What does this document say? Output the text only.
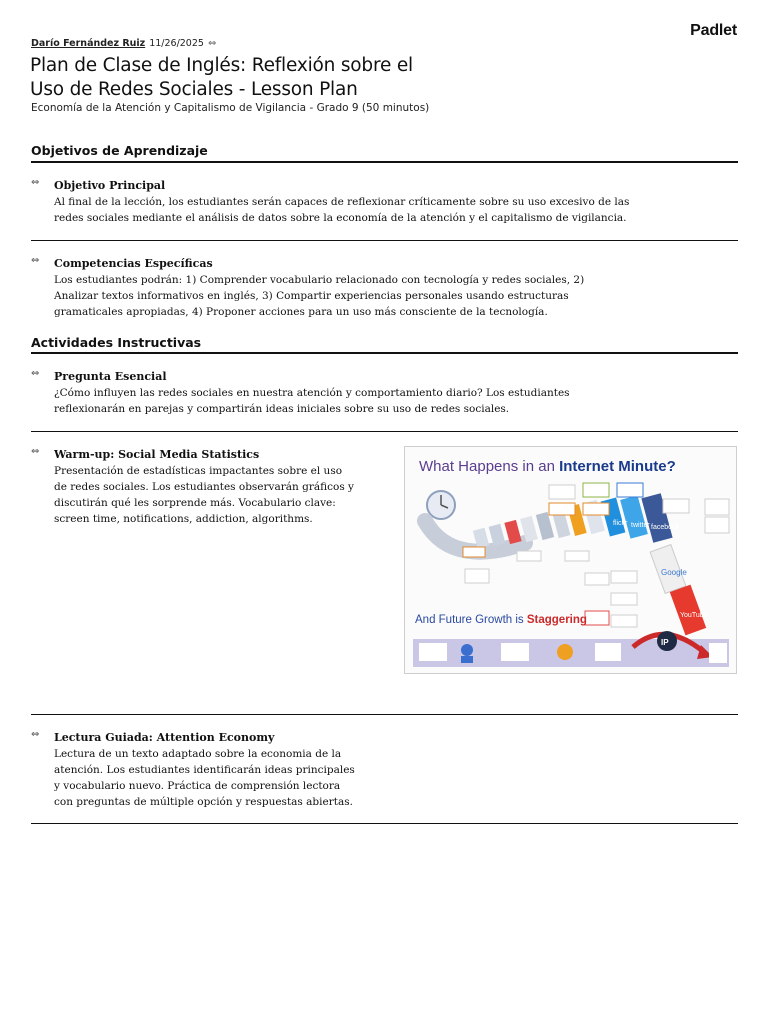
Padlet
Darío Fernández Ruiz 11/26/2025 ⇔
Plan de Clase de Inglés: Reflexión sobre el Uso de Redes Sociales - Lesson Plan
Economía de la Atención y Capitalismo de Vigilancia - Grado 9 (50 minutos)
Objetivos de Aprendizaje
⇔ Objetivo Principal

Al final de la lección, los estudiantes serán capaces de reflexionar críticamente sobre su uso excesivo de las redes sociales mediante el análisis de datos sobre la economía de la atención y el capitalismo de vigilancia.

⇔ Competencias Específicas

Los estudiantes podrán: 1) Comprender vocabulario relacionado con tecnología y redes sociales, 2) Analizar textos informativos en inglés, 3) Compartir experiencias personales usando estructuras gramaticales apropiadas, 4) Proponer acciones para un uso más consciente de la tecnología.

Actividades Instructivas
⇔ Pregunta Esencial

¿Cómo influyen las redes sociales en nuestra atención y comportamiento diario? Los estudiantes reflexionarán en parejas y compartirán ideas iniciales sobre su uso de redes sociales.

⇔ Warm-up: Social Media Statistics

Presentación de estadísticas impactantes sobre el uso de redes sociales. Los estudiantes observarán gráficos y discutirán qué les sorprende más. Vocabulario clave: screen time, notifications, addiction, algorithms.

What Happens in an Internet Minute?
flickr twitter facebook
Google
YouTube
And Future Growth is Staggering
IP
⇔ Lectura Guiada: Attention Economy

Lectura de un texto adaptado sobre la economia de la atención. Los estudiantes identificarán ideas principales y vocabulario nuevo. Práctica de comprensión lectora con preguntas de múltiple opción y respuestas abiertas.
